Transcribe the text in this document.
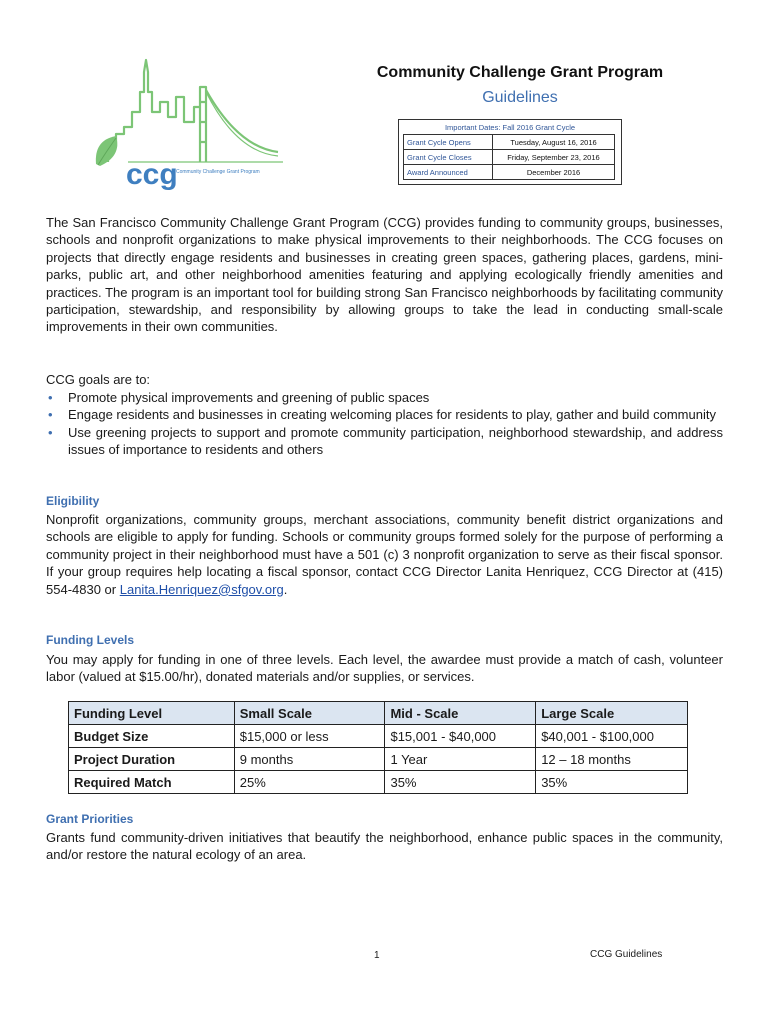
ccg
Community Challenge Grant Program
Community Challenge Grant Program
Guidelines
Important Dates: Fall 2016 Grant Cycle
Grant Cycle Opens	Tuesday, August 16, 2016
Grant Cycle Closes	Friday, September 23, 2016
Award Announced	December 2016
The San Francisco Community Challenge Grant Program (CCG) provides funding to community groups, businesses, schools and nonprofit organizations to make physical improvements to their neighborhoods. The CCG focuses on projects that directly engage residents and businesses in creating green spaces, gathering places, gardens, mini-parks, public art, and other neighborhood amenities featuring and applying ecologically friendly amenities and practices. The program is an important tool for building strong San Francisco neighborhoods by facilitating community participation, stewardship, and responsibility by allowing groups to take the lead in conducting small-scale improvements in their own communities.
CCG goals are to:
• Promote physical improvements and greening of public spaces
• Engage residents and businesses in creating welcoming places for residents to play, gather and build community
• Use greening projects to support and promote community participation, neighborhood stewardship, and address issues of importance to residents and others
Eligibility
Nonprofit organizations, community groups, merchant associations, community benefit district organizations and schools are eligible to apply for funding. Schools or community groups formed solely for the purpose of performing a community project in their neighborhood must have a 501 (c) 3 nonprofit organization to serve as their fiscal sponsor. If your group requires help locating a fiscal sponsor, contact CCG Director Lanita Henriquez, CCG Director at (415) 554-4830 or Lanita.Henriquez@sfgov.org.
Funding Levels
You may apply for funding in one of three levels. Each level, the awardee must provide a match of cash, volunteer labor (valued at $15.00/hr), donated materials and/or supplies, or services.
Funding Level	Small Scale	Mid - Scale	Large Scale
Budget Size	$15,000 or less	$15,001 - $40,000	$40,001 - $100,000
Project Duration	9 months	1 Year	12 – 18 months
Required Match	25%	35%	35%
Grant Priorities
Grants fund community-driven initiatives that beautify the neighborhood, enhance public spaces in the community, and/or restore the natural ecology of an area.
1	CCG Guidelines
